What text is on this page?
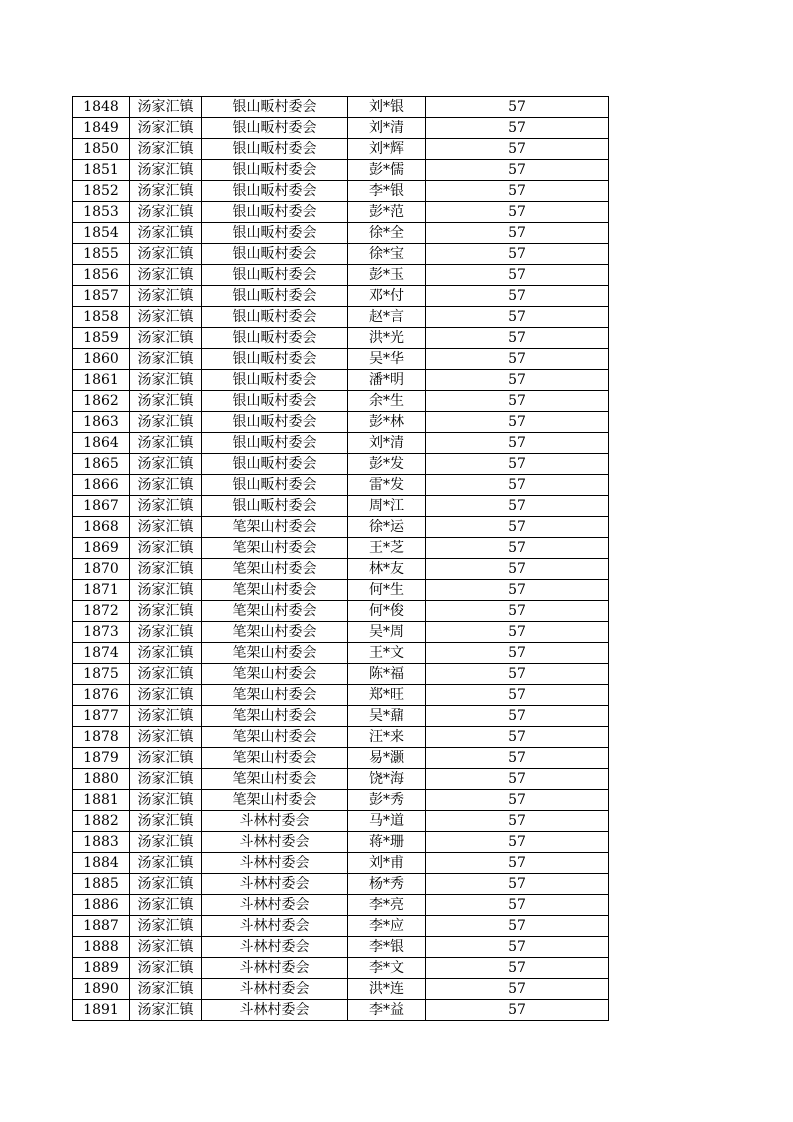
1848	汤家汇镇	银山畈村委会	刘*银	57
1849	汤家汇镇	银山畈村委会	刘*清	57
1850	汤家汇镇	银山畈村委会	刘*辉	57
1851	汤家汇镇	银山畈村委会	彭*儒	57
1852	汤家汇镇	银山畈村委会	李*银	57
1853	汤家汇镇	银山畈村委会	彭*范	57
1854	汤家汇镇	银山畈村委会	徐*全	57
1855	汤家汇镇	银山畈村委会	徐*宝	57
1856	汤家汇镇	银山畈村委会	彭*玉	57
1857	汤家汇镇	银山畈村委会	邓*付	57
1858	汤家汇镇	银山畈村委会	赵*言	57
1859	汤家汇镇	银山畈村委会	洪*光	57
1860	汤家汇镇	银山畈村委会	吴*华	57
1861	汤家汇镇	银山畈村委会	潘*明	57
1862	汤家汇镇	银山畈村委会	余*生	57
1863	汤家汇镇	银山畈村委会	彭*林	57
1864	汤家汇镇	银山畈村委会	刘*清	57
1865	汤家汇镇	银山畈村委会	彭*发	57
1866	汤家汇镇	银山畈村委会	雷*发	57
1867	汤家汇镇	银山畈村委会	周*江	57
1868	汤家汇镇	笔架山村委会	徐*运	57
1869	汤家汇镇	笔架山村委会	王*芝	57
1870	汤家汇镇	笔架山村委会	林*友	57
1871	汤家汇镇	笔架山村委会	何*生	57
1872	汤家汇镇	笔架山村委会	何*俊	57
1873	汤家汇镇	笔架山村委会	吴*周	57
1874	汤家汇镇	笔架山村委会	王*文	57
1875	汤家汇镇	笔架山村委会	陈*福	57
1876	汤家汇镇	笔架山村委会	郑*旺	57
1877	汤家汇镇	笔架山村委会	吴*鼐	57
1878	汤家汇镇	笔架山村委会	汪*来	57
1879	汤家汇镇	笔架山村委会	易*灏	57
1880	汤家汇镇	笔架山村委会	饶*海	57
1881	汤家汇镇	笔架山村委会	彭*秀	57
1882	汤家汇镇	斗林村委会	马*道	57
1883	汤家汇镇	斗林村委会	蒋*珊	57
1884	汤家汇镇	斗林村委会	刘*甫	57
1885	汤家汇镇	斗林村委会	杨*秀	57
1886	汤家汇镇	斗林村委会	李*亮	57
1887	汤家汇镇	斗林村委会	李*应	57
1888	汤家汇镇	斗林村委会	李*银	57
1889	汤家汇镇	斗林村委会	李*文	57
1890	汤家汇镇	斗林村委会	洪*连	57
1891	汤家汇镇	斗林村委会	李*益	57
